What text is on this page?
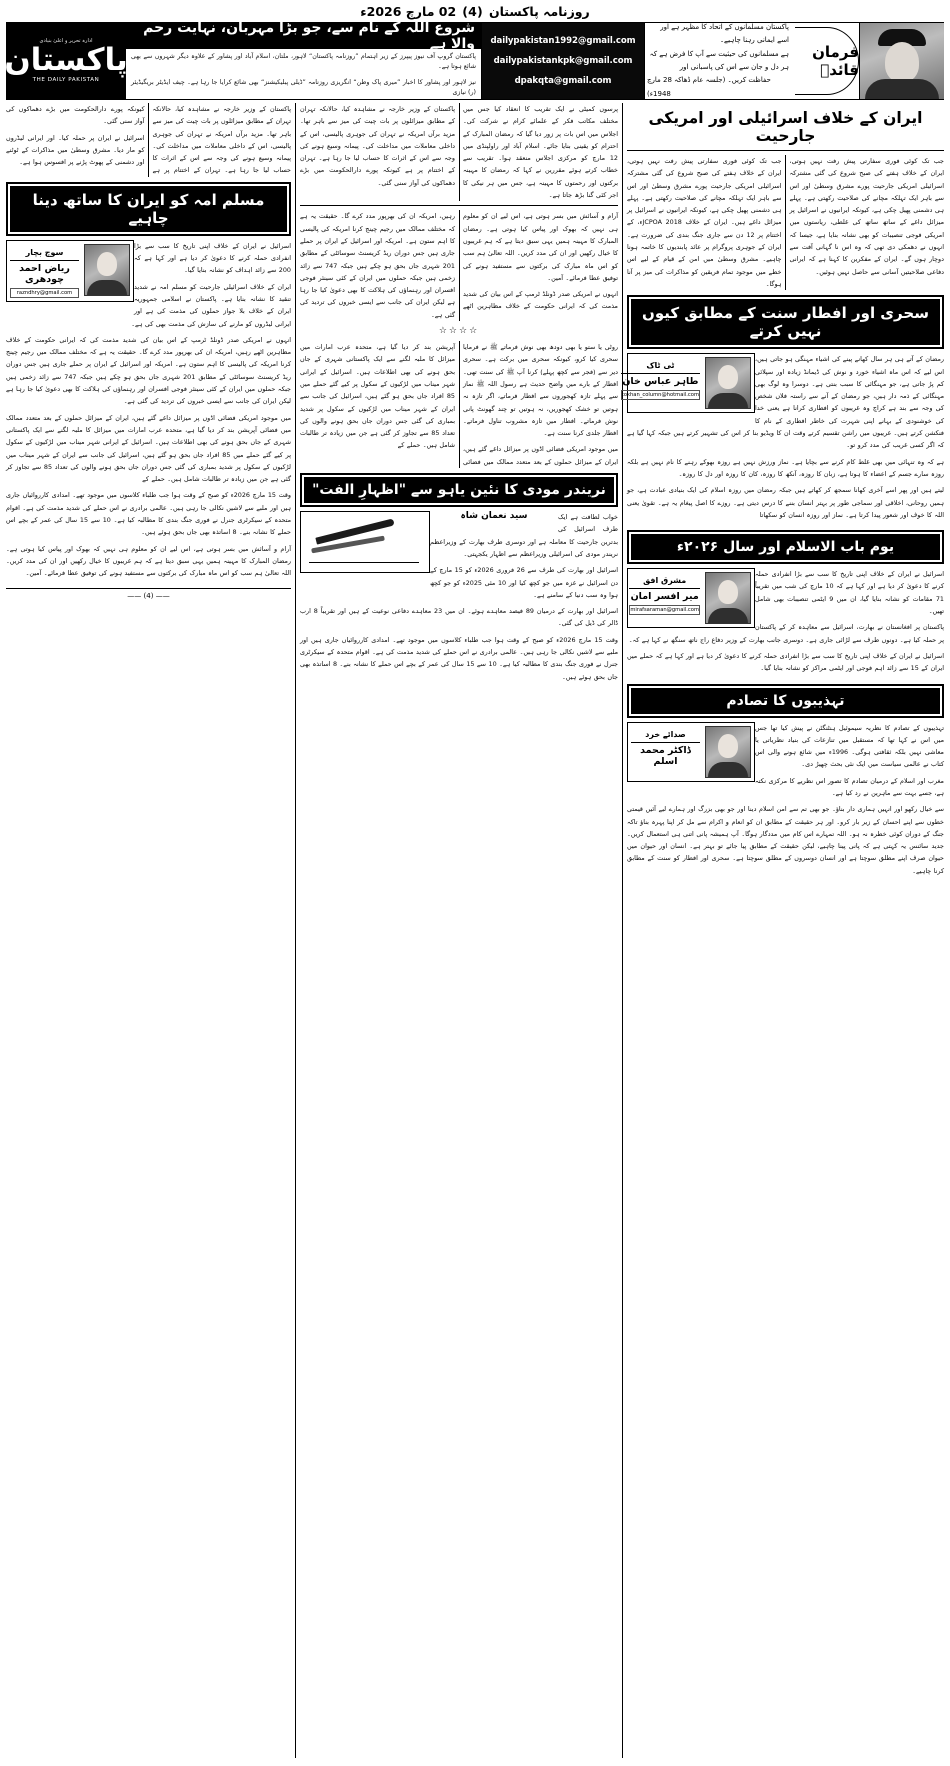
روزنامہ پاکستان
(4)
02 مارچ 2026ء
فرمان قائدؒ
پاکستان مسلمانوں کے اتحاد کا مظہر ہے اور اسے ایمانی رہنا چاہیے۔
ہے مسلمانوں کی حیثیت سے آپ کا فرض ہے کہ ہر دل و جان سے اس کی پاسبانی اور
حفاظت کریں۔ (جلسہ عام ڈھاکہ 28 مارچ 1948ء)
dailypakistan1992@gmail.com
dailypakistankpk@gmail.com
dpakqta@gmail.com
شروع اللہ کے نام سے، جو بڑا مہربان، نہایت رحم والا ہے
پاکستان گروپ آف نیوز پیپرز کے زیر اہتمام ”روزنامہ پاکستان“ لاہور، ملتان، اسلام آباد اور پشاور کے علاوہ دیگر شہروں سے بھی شائع ہوتا ہے۔
نیز لاہور اور پشاور کا اخبار ”میری پاک وطن“ انگریزی روزنامہ ”ڈیلی پبلیکیشنز“ بھی شائع کرایا جا رہا ہے۔ چیف ایڈیٹر بریگیڈیئر (ر) نیازی
ادارہ تحریر و اعلیٰ بنیادی
پاکستان
THE DAILY PAKISTAN
ایران کے خلاف اسرائیلی اور امریکی جارحیت

جب تک کوئی فوری سفارتی پیش رفت نہیں ہوتی، ایران کے خلاف ہفتے کی صبح شروع کی گئی مشترکہ اسرائیلی امریکی جارحیت پورے مشرق وسطیٰ اور اس سے باہر ایک تہلکہ مچانے کی صلاحیت رکھتی ہے۔ پہلے ہی دشمنی پھیل چکی ہے، کیونکہ ایرانیوں نے اسرائیل پر میزائل داغے کے ساتھ ساتھ کی غلطی، ریاستوں میں امریکی فوجی تنصیبات کو بھی نشانہ بنایا ہے، جیسا کہ انہوں نے دھمکی دی تھی کہ وہ اس نا گہانی آفت سے دوچار ہوں گے۔ ایران کے مفکرین کا کہنا ہے کہ ایرانی دفاعی صلاحیتیں آسانی سے حاصل نہیں ہوئیں۔

جب تک کوئی فوری سفارتی پیش رفت نہیں ہوتی، ایران کے خلاف ہفتے کی صبح شروع کی گئی مشترکہ اسرائیلی امریکی جارحیت پورے مشرق وسطیٰ اور اس سے باہر ایک تہلکہ مچانے کی صلاحیت رکھتی ہے۔ پہلے ہی دشمنی پھیل چکی ہے، کیونکہ ایرانیوں نے اسرائیل پر میزائل داغے ہیں۔ ایران کے خلاف JCPOA 2018ء، کے اختتام پر 12 دن سے جاری جنگ بندی کی ضرورت ہے۔ ایران کے جوہری پروگرام پر عائد پابندیوں کا خاتمہ ہونا چاہیے۔ مشرق وسطیٰ میں امن کے قیام کے لیے اس خطے میں موجود تمام فریقین کو مذاکرات کی میز پر آنا ہوگا۔

سحری اور افطار سنت کے مطابق کیوں نہیں کرتے
ٹی ٹاک
طاہر عباس خان
tokhan_column@hotmail.com

رمضان کے آتے ہی ہر سال کھانے پینے کی اشیاء مہنگی ہو جاتی ہیں، اس لیے کہ اس ماہ اشیاء خورد و نوش کی ڈیمانڈ زیادہ اور سپلائی کم پڑ جاتی ہے، جو مہنگائی کا سبب بنتی ہے۔ دوسرا وہ لوگ بھی مہنگائی کے ذمہ دار ہیں، جو رمضان کے آنے سے راستہ فلاں شخص کی وجہ سے بند ہے کراچ وہ غریبوں کو افطاری کرانا ہے یعنی خدا کی خوشنودی کے بہانے اپنی شہرت کی خاطر افطاری کے نام کا فنکشن کرتے ہیں۔ غریبوں میں راشن تقسیم کرتے وقت ان کا ویڈیو بنا کر اس کی تشہیر کرتے ہیں جبکہ کہا گیا ہے کہ اگر کسی غریب کی مدد کرو تو۔

ہے کہ وہ تنہائی میں بھی غلط کام کرنے سے بچایا ہے۔ نماز ورزش نہیں ہے روزہ بھوکے رہنے کا نام نہیں ہے بلکہ روزہ سارے جسم کے اعضاء کا ہوتا ہے، زبان کا روزہ، آنکھ کا روزہ، کان کا روزہ اور دل کا روزہ۔

لیتے ہیں اور پھر اسے آخری کھانا سمجھ کر کھاتے ہیں جبکہ رمضان میں روزہ اسلام کی ایک بنیادی عبادت ہے، جو ہمیں روحانی، اخلاقی اور سماجی طور پر بہتر انسان بننے کا درس دیتی ہے۔ روزے کا اصل پیغام یہ ہے۔ تقویٰ یعنی اللہ کا خوف اور شعور پیدا کرتا ہے۔ نماز اور روزہ انسان کو سکھاتا

یوم باب الاسلام اور سال ۲۰۲۶ء
مشرق افق
میر افسر امان
mirafsaraman@gmail.com

اسرائیل نے ایران کے خلاف اپنی تاریخ کا سب سے بڑا انفرادی حملہ کرنے کا دعویٰ کر دیا ہے اور کہا ہے کہ 10 مارچ کی شب میں تقریباً 71 مقامات کو نشانہ بنایا گیا، ان میں 9 ایٹمی تنصیبات بھی شامل تھیں۔

پاکستان پر افغانستان نے بھارت، اسرائیل سے معاہدہ کر کے پاکستان پر حملہ کیا ہے۔ دونوں طرف سے لڑائی جاری ہے۔ دوسری جانب بھارت کے وزیر دفاع راج ناتھ سنگھ نے کہا ہے کہ۔

اسرائیل نے ایران کے خلاف اپنی تاریخ کا سب سے بڑا انفرادی حملہ کرنے کا دعویٰ کر دیا ہے اور کہا ہے کہ حملے میں ایران کے 15 سے زائد اہم فوجی اور ایٹمی مراکز کو نشانہ بنایا گیا۔

تہذیبوں کا تصادم
صدائے خرد
ڈاکٹر محمد اسلم

تہذیبوں کے تصادم کا نظریہ سیموئیل ہنٹنگٹن نے پیش کیا تھا جس میں اس نے کہا تھا کہ مستقبل میں تنازعات کی بنیاد نظریاتی یا معاشی نہیں بلکہ ثقافتی ہوگی۔ 1996ء میں شائع ہونے والی اس کتاب نے عالمی سیاست میں ایک نئی بحث چھیڑ دی۔

مغرب اور اسلام کے درمیان تصادم کا تصور اس نظریے کا مرکزی نکتہ ہے، جسے بہت سے ماہرین نے رد کیا ہے۔

سے خیال رکھو اور انہیں ہماری دار بناؤ۔ جو بھی تم سے امن اسلام دینا اور جو بھی بزرگ اور ہمارے لیے آئیں قیمتی خطوں سے اپنے احسان کے زیر بار کرو۔ اور ہر حقیقت کے مطابق ان کو انعام و اکرام سے مل کر اپنا پہرہ بناؤ تاکہ جنگ کے دوران کوئی خطرہ نہ ہو۔ اللہ تمہارے اس کام میں مددگار ہوگا۔ آپ ہمیشہ پانی اتنی ہی استعمال کریں۔ جدید سائنس یہ کہتی ہے کہ پانی پینا چاہیے، لیکن حقیقت کے مطابق پیا جائے تو بہتر ہے۔ انسان اور حیوان میں حیوان صرف اپنے مطلق سوچتا ہے اور انسان دوسروں کے مطلق سوچتا ہے۔ سحری اور افطار کو سنت کے مطابق کرنا چاہیے۔

پرسوں کمیٹی نے ایک تقریب کا انعقاد کیا جس میں مختلف مکاتب فکر کے علمائے کرام نے شرکت کی۔ اجلاس میں اس بات پر زور دیا گیا کہ رمضان المبارک کے احترام کو یقینی بنایا جائے۔ اسلام آباد اور راولپنڈی میں 12 مارچ کو مرکزی اجلاس منعقد ہوا۔ تقریب سے خطاب کرتے ہوئے مقررین نے کہا کہ رمضان کا مہینہ برکتوں اور رحمتوں کا مہینہ ہے، جس میں ہر نیکی کا اجر کئی گنا بڑھ جاتا ہے۔

پاکستان کے وزیر خارجہ نے مشاہدہ کیا، حالانکہ تہران کے مطابق میزائلوں پر بات چیت کی میز سے باہر تھا۔ مزید برآں امریکہ نے تہران کی جوہری پالیسی، اس کے داخلی معاملات میں مداخلت کی۔ پیمانہ وسیع ہونے کی وجہ سے اس کے اثرات کا حساب لیا جا رہا ہے۔ تہران کے اختتام پر ہے کیونکہ پورے دارالحکومت میں بڑے دھماکوں کی آواز سنی گئی۔

آرام و آسائش میں بسر ہوتی ہے، اس لیے ان کو معلوم ہی نہیں کہ بھوک اور پیاس کیا ہوتی ہے۔ رمضان المبارک کا مہینہ ہمیں یہی سبق دیتا ہے کہ ہم غریبوں کا خیال رکھیں اور ان کی مدد کریں۔ اللہ تعالیٰ ہم سب کو اس ماہ مبارک کی برکتوں سے مستفید ہونے کی توفیق عطا فرمائے۔ آمین۔

انہوں نے امریکی صدر ڈونلڈ ٹرمپ کے اس بیان کی شدید مذمت کی کہ ایرانی حکومت کے خلاف مظاہرین اٹھے رہیں، امریکہ ان کی بھرپور مدد کرے گا۔ حقیقت یہ ہے کہ مختلف ممالک میں رجیم چینج کرنا امریکہ کی پالیسی کا اہم ستون ہے۔ امریکہ اور اسرائیل کے ایران پر حملے جاری ہیں جس دوران ریڈ کریسنٹ سوسائٹی کے مطابق 201 شہری جاں بحق ہو چکے ہیں جبکہ 747 سے زائد زخمی ہیں جبکہ حملوں میں ایران کے کئی سینئر فوجی افسران اور رہنماؤں کی ہلاکت کا بھی دعویٰ کیا جا رہا ہے لیکن ایران کی جانب سے ایسی خبروں کی تردید کی گئی ہے۔

☆☆☆☆

روٹی یا ستو یا بھی دودھ بھی نوش فرماتے ﷺ نے فرمایا سحری کیا کرو، کیونکہ سحری میں برکت ہے۔ سحری دیر سے (فجر سے کچھ پہلے) کرنا آپ ﷺ کی سنت تھی۔ افطار کے بارے میں واضح حدیث ہے رسول اللہ ﷺ نماز سے پہلے تازہ کھجوروں سے افطار فرماتے، اگر تازہ نہ ہوتیں تو خشک کھجوریں، نہ ہوتیں تو چند گھونٹ پانی نوش فرماتے۔ افطار میں تازہ مشروب تناول فرماتے۔ افطار جلدی کرنا سنت ہے۔

میں موجود امریکی فضائی اڈوں پر میزائل داغے گئے ہیں، ایران کے میزائل حملوں کے بعد متعدد ممالک میں فضائی آپریشن بند کر دیا گیا ہے، متحدہ عرب امارات میں میزائل کا ملبہ لگنے سے ایک پاکستانی شہری کے جاں بحق ہونے کی بھی اطلاعات ہیں۔ اسرائیل کے ایرانی شہر میناب میں لڑکیوں کے سکول پر کیے گئے حملے میں 85 افراد جاں بحق ہو گئے ہیں، اسرائیل کی جانب سے ایران کے شہر میناب میں لڑکیوں کے سکول پر شدید بمباری کی گئی جس دوران جاں بحق ہونے والوں کی تعداد 85 سے تجاوز کر گئی ہے جن میں زیادہ تر طالبات شامل ہیں۔ حملے کے

نریندر مودی کا نئین یاہو سے "اظہارِ الفت"
سید نعمان شاہ	خواب لطافت ہے ایک طرف اسرائیل کی بدترین جارحیت کا معاملہ ہے اور دوسری طرف بھارت کے وزیراعظم نریندر مودی کی اسرائیلی وزیراعظم سے اظہار یکجہتی۔

اسرائیل اور بھارت کی طرف سے 26 فروری 2026ء کو 15 مارچ کے دن اسرائیل نے غزہ میں جو کچھ کیا اور 10 مئی 2025ء کو جو کچھ ہوا وہ سب دنیا کے سامنے ہے۔

اسرائیل اور بھارت کے درمیان 89 فیصد معاہدے ہوئے۔ ان میں 23 معاہدے دفاعی نوعیت کے ہیں اور تقریباً 8 ارب ڈالر کی ڈیل کی گئی۔

وقت 15 مارچ 2026ء کو صبح کے وقت ہوا جب طلباء کلاسوں میں موجود تھے۔ امدادی کارروائیاں جاری ہیں اور ملبے سے لاشیں نکالی جا رہی ہیں۔ عالمی برادری نے اس حملے کی شدید مذمت کی ہے۔ اقوام متحدہ کے سیکرٹری جنرل نے فوری جنگ بندی کا مطالبہ کیا ہے۔ 10 سے 15 سال کی عمر کے بچے اس حملے کا نشانہ بنے۔ 8 اساتذہ بھی جاں بحق ہوئے ہیں۔

پاکستان کے وزیر خارجہ نے مشاہدہ کیا، حالانکہ تہران کے مطابق میزائلوں پر بات چیت کی میز سے باہر تھا۔ مزید برآں امریکہ نے تہران کی جوہری پالیسی، اس کے داخلی معاملات میں مداخلت کی۔ پیمانہ وسیع ہونے کی وجہ سے اس کے اثرات کا حساب لیا جا رہا ہے۔ تہران کے اختتام پر ہے کیونکہ پورے دارالحکومت میں بڑے دھماکوں کی آواز سنی گئی۔

اسرائیل نے ایران پر حملہ کیا۔ اور ایرانی لیڈروں کو مار دیا۔ مشرق وسطیٰ میں مذاکرات کے ٹوٹنے اور دشمنی کے پھوٹ پڑنے پر افسوس ہوا ہے۔

مسلم امہ کو ایران کا ساتھ دینا چاہیے
سوچ بچار
ریاض احمد چودھری
razndhry@gmail.com

اسرائیل نے ایران کے خلاف اپنی تاریخ کا سب سے بڑا انفرادی حملہ کرنے کا دعویٰ کر دیا ہے اور کہا ہے کہ 200 سے زائد اہداف کو نشانہ بنایا گیا۔

ایران کے خلاف اسرائیلی جارحیت کو مسلم امہ نے شدید تنقید کا نشانہ بنایا ہے۔ پاکستان نے اسلامی جمہوریہ ایران کے خلاف بلا جواز حملوں کی مذمت کی ہے اور ایرانی لیڈروں کو مارنے کی سازش کی مذمت بھی کی ہے۔

انہوں نے امریکی صدر ڈونلڈ ٹرمپ کے اس بیان کی شدید مذمت کی کہ ایرانی حکومت کے خلاف مظاہرین اٹھے رہیں، امریکہ ان کی بھرپور مدد کرے گا۔ حقیقت یہ ہے کہ مختلف ممالک میں رجیم چینج کرنا امریکہ کی پالیسی کا اہم ستون ہے۔ امریکہ اور اسرائیل کے ایران پر حملے جاری ہیں جس دوران ریڈ کریسنٹ سوسائٹی کے مطابق 201 شہری جاں بحق ہو چکے ہیں جبکہ 747 سے زائد زخمی ہیں جبکہ حملوں میں ایران کے کئی سینئر فوجی افسران اور رہنماؤں کی ہلاکت کا بھی دعویٰ کیا جا رہا ہے لیکن ایران کی جانب سے ایسی خبروں کی تردید کی گئی ہے۔

میں موجود امریکی فضائی اڈوں پر میزائل داغے گئے ہیں، ایران کے میزائل حملوں کے بعد متعدد ممالک میں فضائی آپریشن بند کر دیا گیا ہے، متحدہ عرب امارات میں میزائل کا ملبہ لگنے سے ایک پاکستانی شہری کے جاں بحق ہونے کی بھی اطلاعات ہیں۔ اسرائیل کے ایرانی شہر میناب میں لڑکیوں کے سکول پر کیے گئے حملے میں 85 افراد جاں بحق ہو گئے ہیں، اسرائیل کی جانب سے ایران کے شہر میناب میں لڑکیوں کے سکول پر شدید بمباری کی گئی جس دوران جاں بحق ہونے والوں کی تعداد 85 سے تجاوز کر گئی ہے جن میں زیادہ تر طالبات شامل ہیں۔ حملے کے

وقت 15 مارچ 2026ء کو صبح کے وقت ہوا جب طلباء کلاسوں میں موجود تھے۔ امدادی کارروائیاں جاری ہیں اور ملبے سے لاشیں نکالی جا رہی ہیں۔ عالمی برادری نے اس حملے کی شدید مذمت کی ہے۔ اقوام متحدہ کے سیکرٹری جنرل نے فوری جنگ بندی کا مطالبہ کیا ہے۔ 10 سے 15 سال کی عمر کے بچے اس حملے کا نشانہ بنے۔ 8 اساتذہ بھی جاں بحق ہوئے ہیں۔

آرام و آسائش میں بسر ہوتی ہے، اس لیے ان کو معلوم ہی نہیں کہ بھوک اور پیاس کیا ہوتی ہے۔ رمضان المبارک کا مہینہ ہمیں یہی سبق دیتا ہے کہ ہم غریبوں کا خیال رکھیں اور ان کی مدد کریں۔ اللہ تعالیٰ ہم سب کو اس ماہ مبارک کی برکتوں سے مستفید ہونے کی توفیق عطا فرمائے۔ آمین۔

—— (4) ——
